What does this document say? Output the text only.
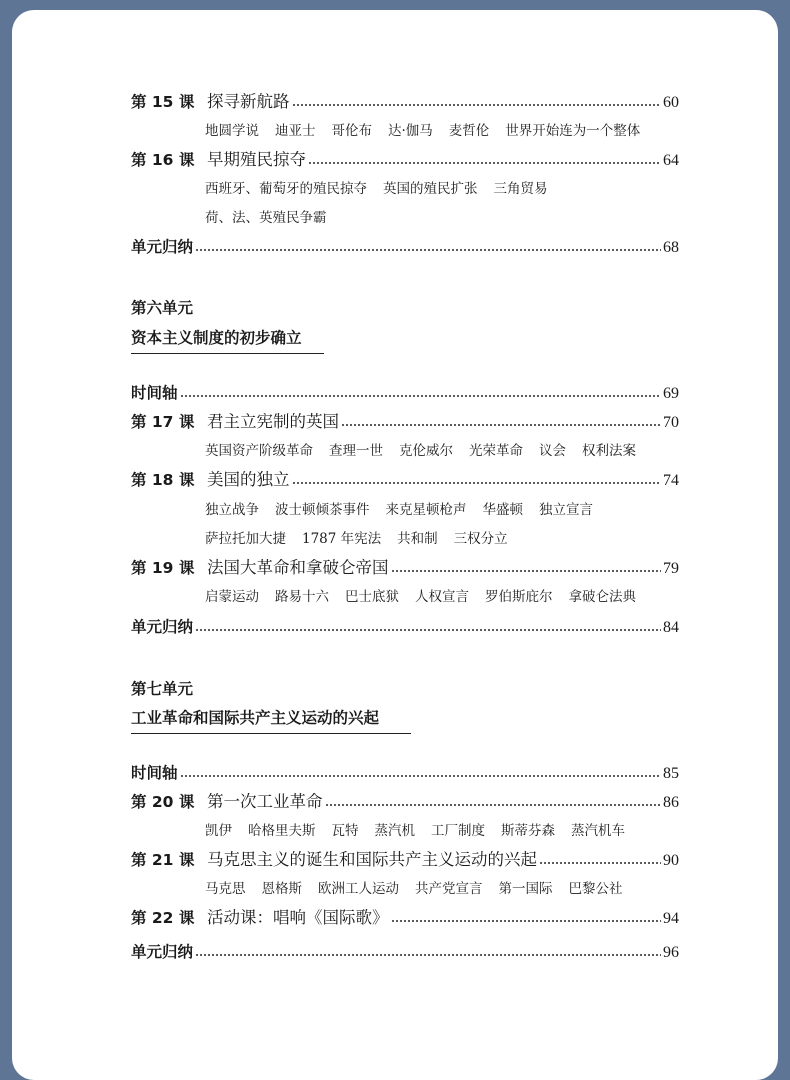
第 15 课 探寻新航路	60
地圆学说 迪亚士 哥伦布 达·伽马 麦哲伦 世界开始连为一个整体
第 16 课 早期殖民掠夺	64
西班牙、葡萄牙的殖民掠夺 英国的殖民扩张 三角贸易
荷、法、英殖民争霸
单元归纳	68
第六单元
资本主义制度的初步确立
时间轴	69
第 17 课 君主立宪制的英国	70
英国资产阶级革命 查理一世 克伦威尔 光荣革命 议会 权利法案
第 18 课 美国的独立	74
独立战争 波士顿倾茶事件 来克星顿枪声 华盛顿 独立宣言
萨拉托加大捷 1787 年宪法 共和制 三权分立
第 19 课 法国大革命和拿破仑帝国	79
启蒙运动 路易十六 巴士底狱 人权宣言 罗伯斯庇尔 拿破仑法典
单元归纳	84
第七单元
工业革命和国际共产主义运动的兴起
时间轴	85
第 20 课 第一次工业革命	86
凯伊 哈格里夫斯 瓦特 蒸汽机 工厂制度 斯蒂芬森 蒸汽机车
第 21 课 马克思主义的诞生和国际共产主义运动的兴起	90
马克思 恩格斯 欧洲工人运动 共产党宣言 第一国际 巴黎公社
第 22 课 活动课：唱响《国际歌》	94
单元归纳	96
